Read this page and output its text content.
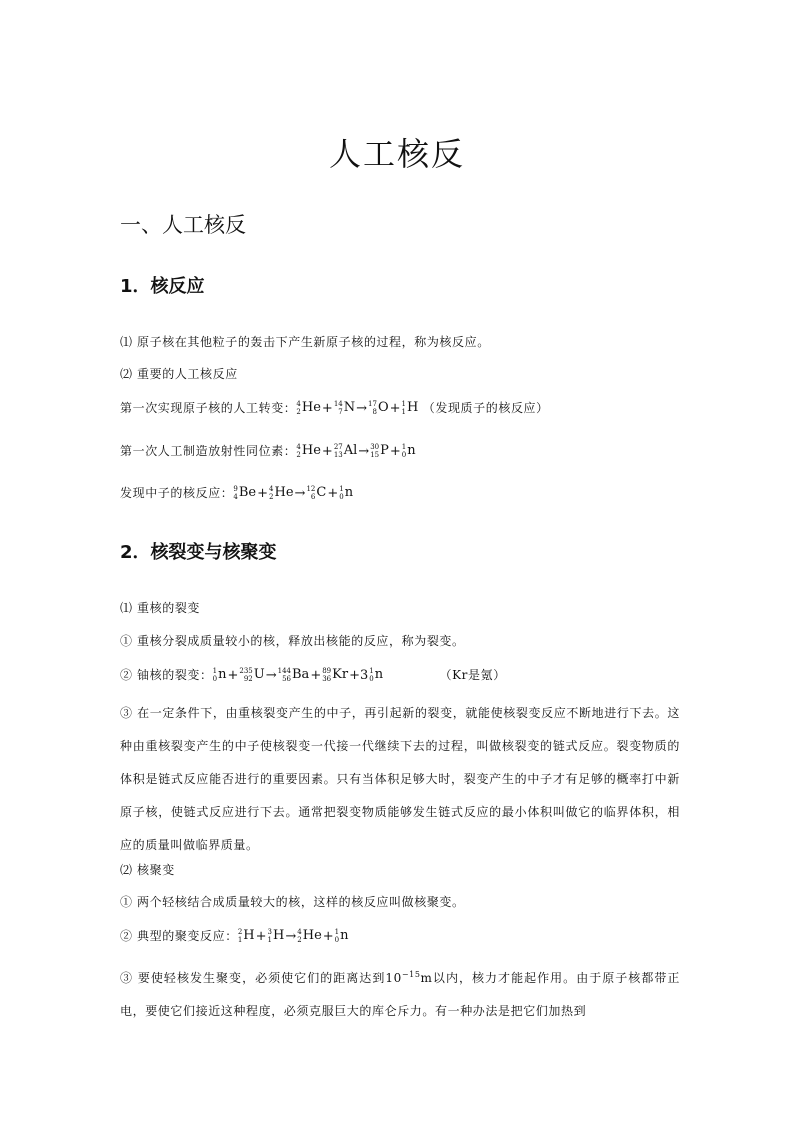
人工核反
一、人工核反
1．核反应
⑴ 原子核在其他粒子的轰击下产生新原子核的过程，称为核反应。
⑵ 重要的人工核反应
第一次实现原子核的人工转变： 4
2 He+ 14
7 N→ 17
8 O+ 1
1 H （发现质子的核反应）
第一次人工制造放射性同位素： 4
2 He+ 27
13 Al→ 30
15 P+ 1
0 n
发现中子的核反应： 9
4 Be+ 4
2 He→ 12
6 C+ 1
0 n
2．核裂变与核聚变
⑴ 重核的裂变
① 重核分裂成质量较小的核，释放出核能的反应，称为裂变。
② 铀核的裂变： 1
0 n+ 235
92 U→ 144
56 Ba+ 89
36 Kr+3 1
0 n	（Kr是氪）
③ 在一定条件下，由重核裂变产生的中子，再引起新的裂变，就能使核裂变反应不断地进行下去。这种由重核裂变产生的中子使核裂变一代接一代继续下去的过程，叫做核裂变的链式反应。裂变物质的体积是链式反应能否进行的重要因素。只有当体积足够大时，裂变产生的中子才有足够的概率打中新原子核，使链式反应进行下去。通常把裂变物质能够发生链式反应的最小体积叫做它的临界体积，相应的质量叫做临界质量。
⑵ 核聚变
① 两个轻核结合成质量较大的核，这样的核反应叫做核聚变。
② 典型的聚变反应： 2
1 H+ 3
1 H→ 4
2 He+ 1
0 n
③ 要使轻核发生聚变，必须使它们的距离达到$10^{-15}m$以内，核力才能起作用。由于原子核都带正电，要使它们接近这种程度，必须克服巨大的库仑斥力。有一种办法是把它们加热到
